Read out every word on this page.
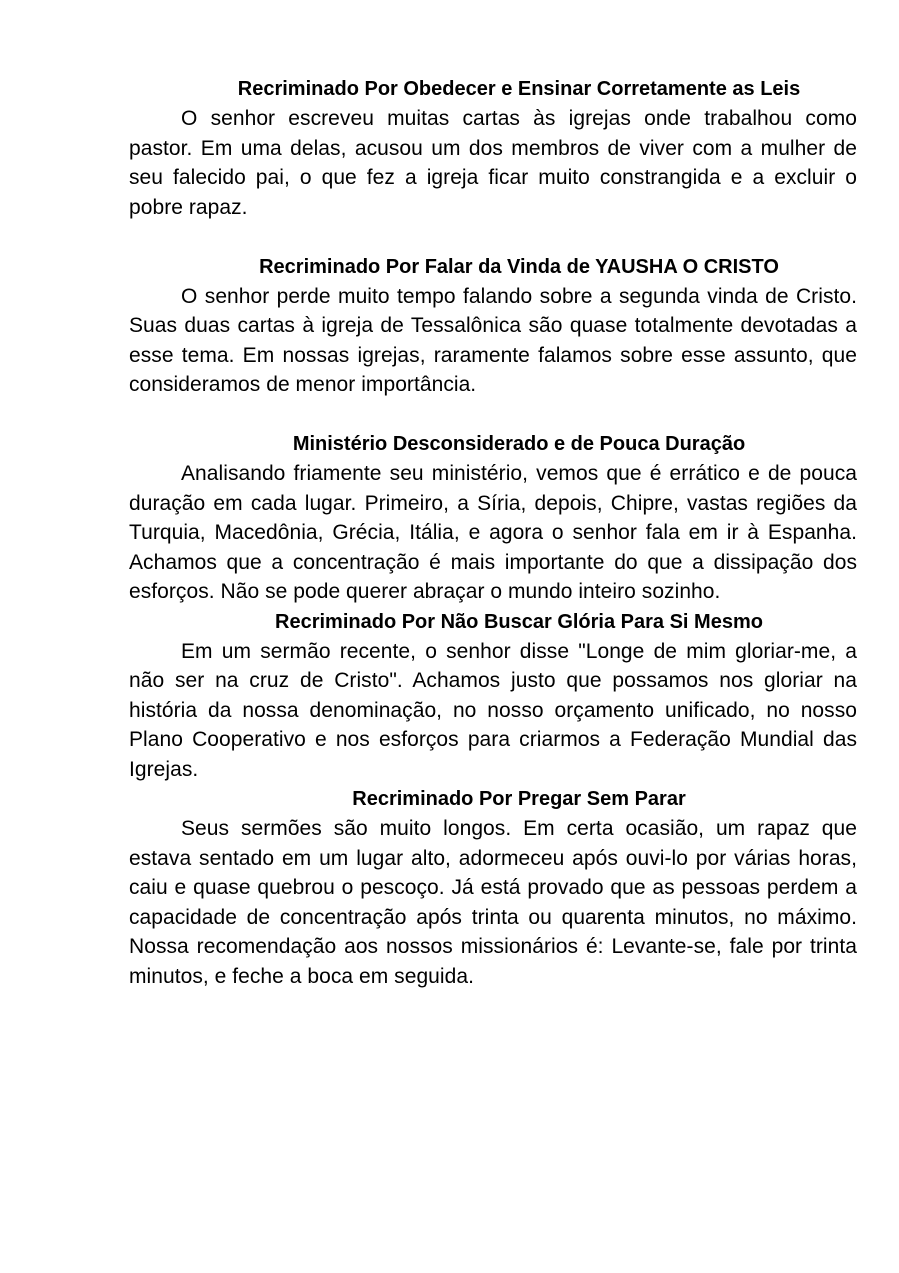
Recriminado Por Obedecer e Ensinar Corretamente as Leis

O senhor escreveu muitas cartas às igrejas onde trabalhou como pastor. Em uma delas, acusou um dos membros de viver com a mulher de seu falecido pai, o que fez a igreja ficar muito constrangida e a excluir o pobre rapaz.

Recriminado Por Falar da Vinda de YAUSHA O CRISTO

O senhor perde muito tempo falando sobre a segunda vinda de Cristo. Suas duas cartas à igreja de Tessalônica são quase totalmente devotadas a esse tema. Em nossas igrejas, raramente falamos sobre esse assunto, que consideramos de menor importância.

Ministério Desconsiderado e de Pouca Duração

Analisando friamente seu ministério, vemos que é errático e de pouca duração em cada lugar. Primeiro, a Síria, depois, Chipre, vastas regiões da Turquia, Macedônia, Grécia, Itália, e agora o senhor fala em ir à Espanha. Achamos que a concentração é mais importante do que a dissipação dos esforços. Não se pode querer abraçar o mundo inteiro sozinho.

Recriminado Por Não Buscar Glória Para Si Mesmo

Em um sermão recente, o senhor disse "Longe de mim gloriar-me, a não ser na cruz de Cristo". Achamos justo que possamos nos gloriar na história da nossa denominação, no nosso orçamento unificado, no nosso Plano Cooperativo e nos esforços para criarmos a Federação Mundial das Igrejas.

Recriminado Por Pregar Sem Parar

Seus sermões são muito longos. Em certa ocasião, um rapaz que estava sentado em um lugar alto, adormeceu após ouvi-lo por várias horas, caiu e quase quebrou o pescoço. Já está provado que as pessoas perdem a capacidade de concentração após trinta ou quarenta minutos, no máximo. Nossa recomendação aos nossos missionários é: Levante-se, fale por trinta minutos, e feche a boca em seguida.
